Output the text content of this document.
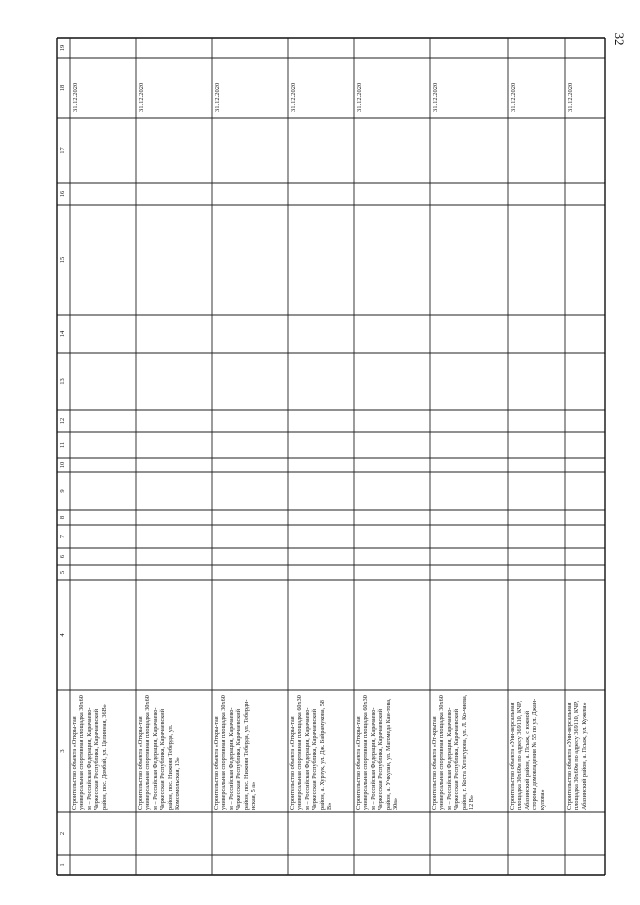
32
1
2
3
4
5
6
7
8
9
10
11
12
13
14
15
16
17
18
19
Строительство объекта «Откры-тая универсальная спортивная площадка 30х60 м – Российская Федерация, Карачаево-Черкесская Республика, Карачаевский район, пос. Домбай, ул. Целинная, 36В»
31.12.2020
Строительство объекта «Откры-тая универсальная спортивная площадка 30х60 м – Российская Федерация, Карачаево-Черкесская Республика, Карачаевский район, пос. Нижняя Теберда, ул. Комсомольская, 13»
31.12.2020
Строительство объекта «Откры-тая универсальная спортивная площадка 30х60 м – Российская Федерация, Карачаево-Черкесская Республика, Карачаевский район, пос. Нижняя Теберда, ул. Теберди-нская, 5 а»
31.12.2020
Строительство объекта «Откры-тая универсальная спортивная площадка 60х30 м – Российская Федерация, Карачаево-Черкесская Республика, Карачаевский район, а. Хурзук, ул. Дж. Байрамукова, 58 В»
31.12.2020
Строительство объекта «Откры-тая универсальная спортивная площадка 60х30 м – Российская Федерация, Карачаево-Черкесская Республика, Карачаевский район, а. Учкулан, ул. Магомеда Каи-това, 30а»
31.12.2020
Строительство объекта «От-крытая универсальная спортивная площадка 30х60 м – Российская Федерация, Карачаево-Черкесская Республика, Карачаевский район, г. Коста Хетагурова, ул. Л. Ко-чиева, 12 В»
31.12.2020
Строительство объекта «Уни-версальная площадка 30х60м по адресу 369110, КЧР, Абазинский район, а. Псыж, с южной стороны домовладения № 55 по ул. Джан-кулова»
31.12.2020
Строительство объекта «Уни-версальная площадка 30х60м по адресу 369110, КЧР, Абазинский район, а. Псыж, ул. Кужева»
31.12.2020
